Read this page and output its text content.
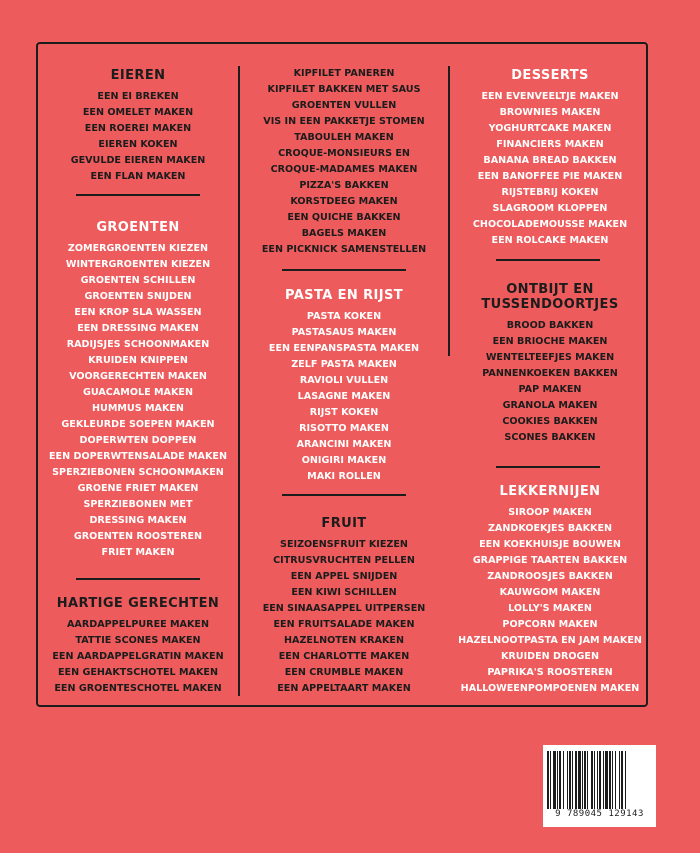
EIEREN
EEN EI BREKEN
EEN OMELET MAKEN
EEN ROEREI MAKEN
EIEREN KOKEN
GEVULDE EIEREN MAKEN
EEN FLAN MAKEN
GROENTEN
ZOMERGROENTEN KIEZEN
WINTERGROENTEN KIEZEN
GROENTEN SCHILLEN
GROENTEN SNIJDEN
EEN KROP SLA WASSEN
EEN DRESSING MAKEN
RADIJSJES SCHOONMAKEN
KRUIDEN KNIPPEN
VOORGERECHTEN MAKEN
GUACAMOLE MAKEN
HUMMUS MAKEN
GEKLEURDE SOEPEN MAKEN
DOPERWTEN DOPPEN
EEN DOPERWTENSALADE MAKEN
SPERZIEBONEN SCHOONMAKEN
GROENE FRIET MAKEN
SPERZIEBONEN MET
DRESSING MAKEN
GROENTEN ROOSTEREN
FRIET MAKEN
HARTIGE GERECHTEN
AARDAPPELPUREE MAKEN
TATTIE SCONES MAKEN
EEN AARDAPPELGRATIN MAKEN
EEN GEHAKTSCHOTEL MAKEN
EEN GROENTESCHOTEL MAKEN
KIPFILET PANEREN
KIPFILET BAKKEN MET SAUS
GROENTEN VULLEN
VIS IN EEN PAKKETJE STOMEN
TABOULEH MAKEN
CROQUE-MONSIEURS EN
CROQUE-MADAMES MAKEN
PIZZA'S BAKKEN
KORSTDEEG MAKEN
EEN QUICHE BAKKEN
BAGELS MAKEN
EEN PICKNICK SAMENSTELLEN
PASTA EN RIJST
PASTA KOKEN
PASTASAUS MAKEN
EEN EENPANSPASTA MAKEN
ZELF PASTA MAKEN
RAVIOLI VULLEN
LASAGNE MAKEN
RIJST KOKEN
RISOTTO MAKEN
ARANCINI MAKEN
ONIGIRI MAKEN
MAKI ROLLEN
FRUIT
SEIZOENSFRUIT KIEZEN
CITRUSVRUCHTEN PELLEN
EEN APPEL SNIJDEN
EEN KIWI SCHILLEN
EEN SINAASAPPEL UITPERSEN
EEN FRUITSALADE MAKEN
HAZELNOTEN KRAKEN
EEN CHARLOTTE MAKEN
EEN CRUMBLE MAKEN
EEN APPELTAART MAKEN
DESSERTS
EEN EVENVEELTJE MAKEN
BROWNIES MAKEN
YOGHURTCAKE MAKEN
FINANCIERS MAKEN
BANANA BREAD BAKKEN
EEN BANOFFEE PIE MAKEN
RIJSTEBRIJ KOKEN
SLAGROOM KLOPPEN
CHOCOLADEMOUSSE MAKEN
EEN ROLCAKE MAKEN
ONTBIJT EN
TUSSENDOORTJES
BROOD BAKKEN
EEN BRIOCHE MAKEN
WENTELTEEFJES MAKEN
PANNENKOEKEN BAKKEN
PAP MAKEN
GRANOLA MAKEN
COOKIES BAKKEN
SCONES BAKKEN
LEKKERNIJEN
SIROOP MAKEN
ZANDKOEKJES BAKKEN
EEN KOEKHUISJE BOUWEN
GRAPPIGE TAARTEN BAKKEN
ZANDROOSJES BAKKEN
KAUWGOM MAKEN
LOLLY'S MAKEN
POPCORN MAKEN
HAZELNOOTPASTA EN JAM MAKEN
KRUIDEN DROGEN
PAPRIKA'S ROOSTEREN
HALLOWEENPOMPOENEN MAKEN
9 789045 129143
